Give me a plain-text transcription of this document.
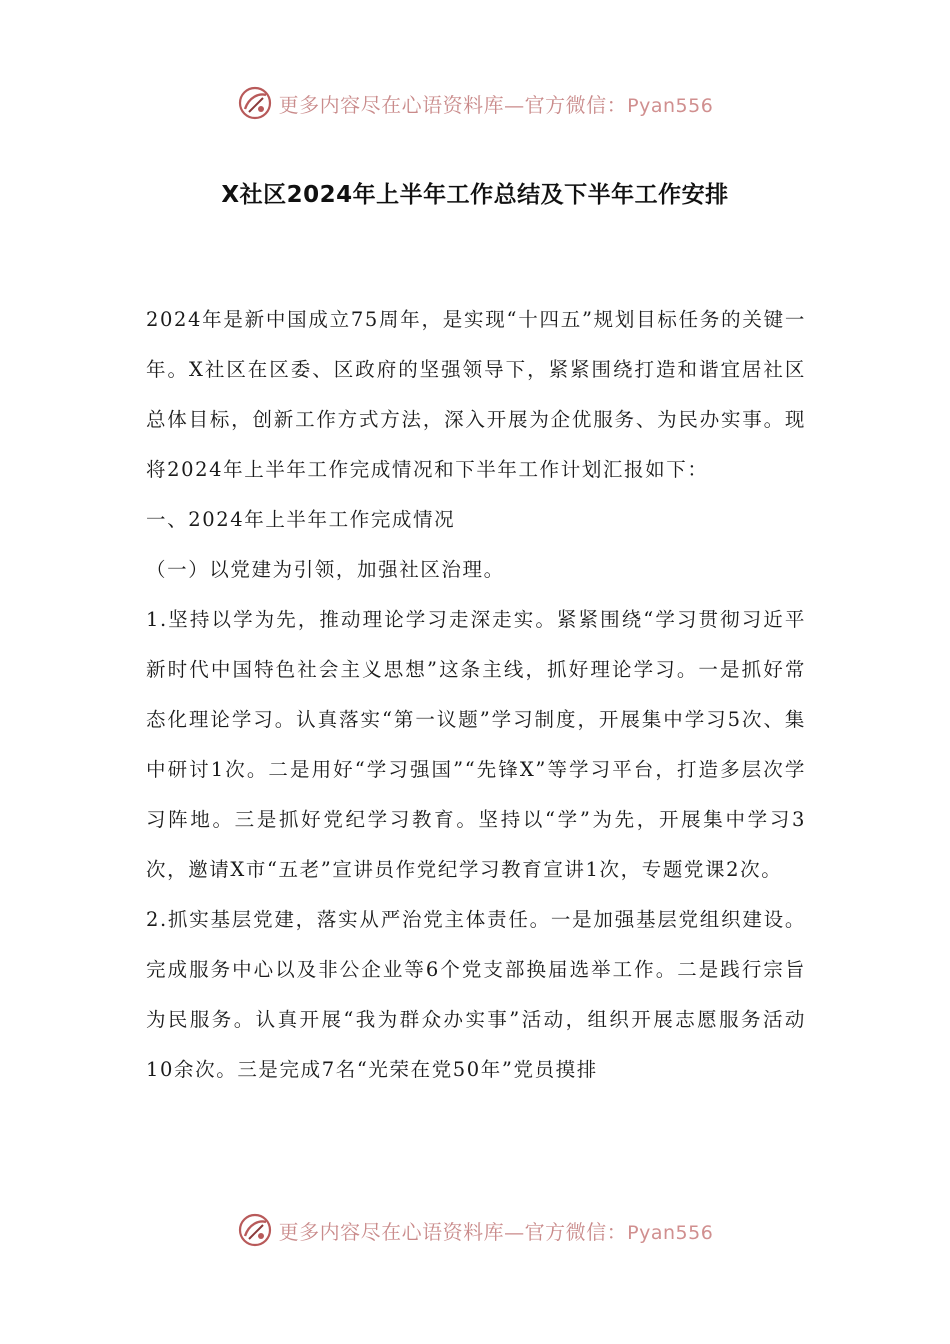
更多内容尽在心语资料库—官方微信：Pyan556
X社区2024年上半年工作总结及下半年工作安排

2024年是新中国成立75周年，是实现“十四五”规划目标任务的关键一年。X社区在区委、区政府的坚强领导下，紧紧围绕打造和谐宜居社区总体目标，创新工作方式方法，深入开展为企优服务、为民办实事。现将2024年上半年工作完成情况和下半年工作计划汇报如下：

一、2024年上半年工作完成情况

（一）以党建为引领，加强社区治理。

1.坚持以学为先，推动理论学习走深走实。紧紧围绕“学习贯彻习近平新时代中国特色社会主义思想”这条主线，抓好理论学习。一是抓好常态化理论学习。认真落实“第一议题”学习制度，开展集中学习5次、集中研讨1次。二是用好“学习强国”“先锋X”等学习平台，打造多层次学习阵地。三是抓好党纪学习教育。坚持以“学”为先，开展集中学习3次，邀请X市“五老”宣讲员作党纪学习教育宣讲1次，专题党课2次。

2.抓实基层党建，落实从严治党主体责任。一是加强基层党组织建设。完成服务中心以及非公企业等6个党支部换届选举工作。二是践行宗旨为民服务。认真开展“我为群众办实事”活动，组织开展志愿服务活动10余次。三是完成7名“光荣在党50年”党员摸排

更多内容尽在心语资料库—官方微信：Pyan556
